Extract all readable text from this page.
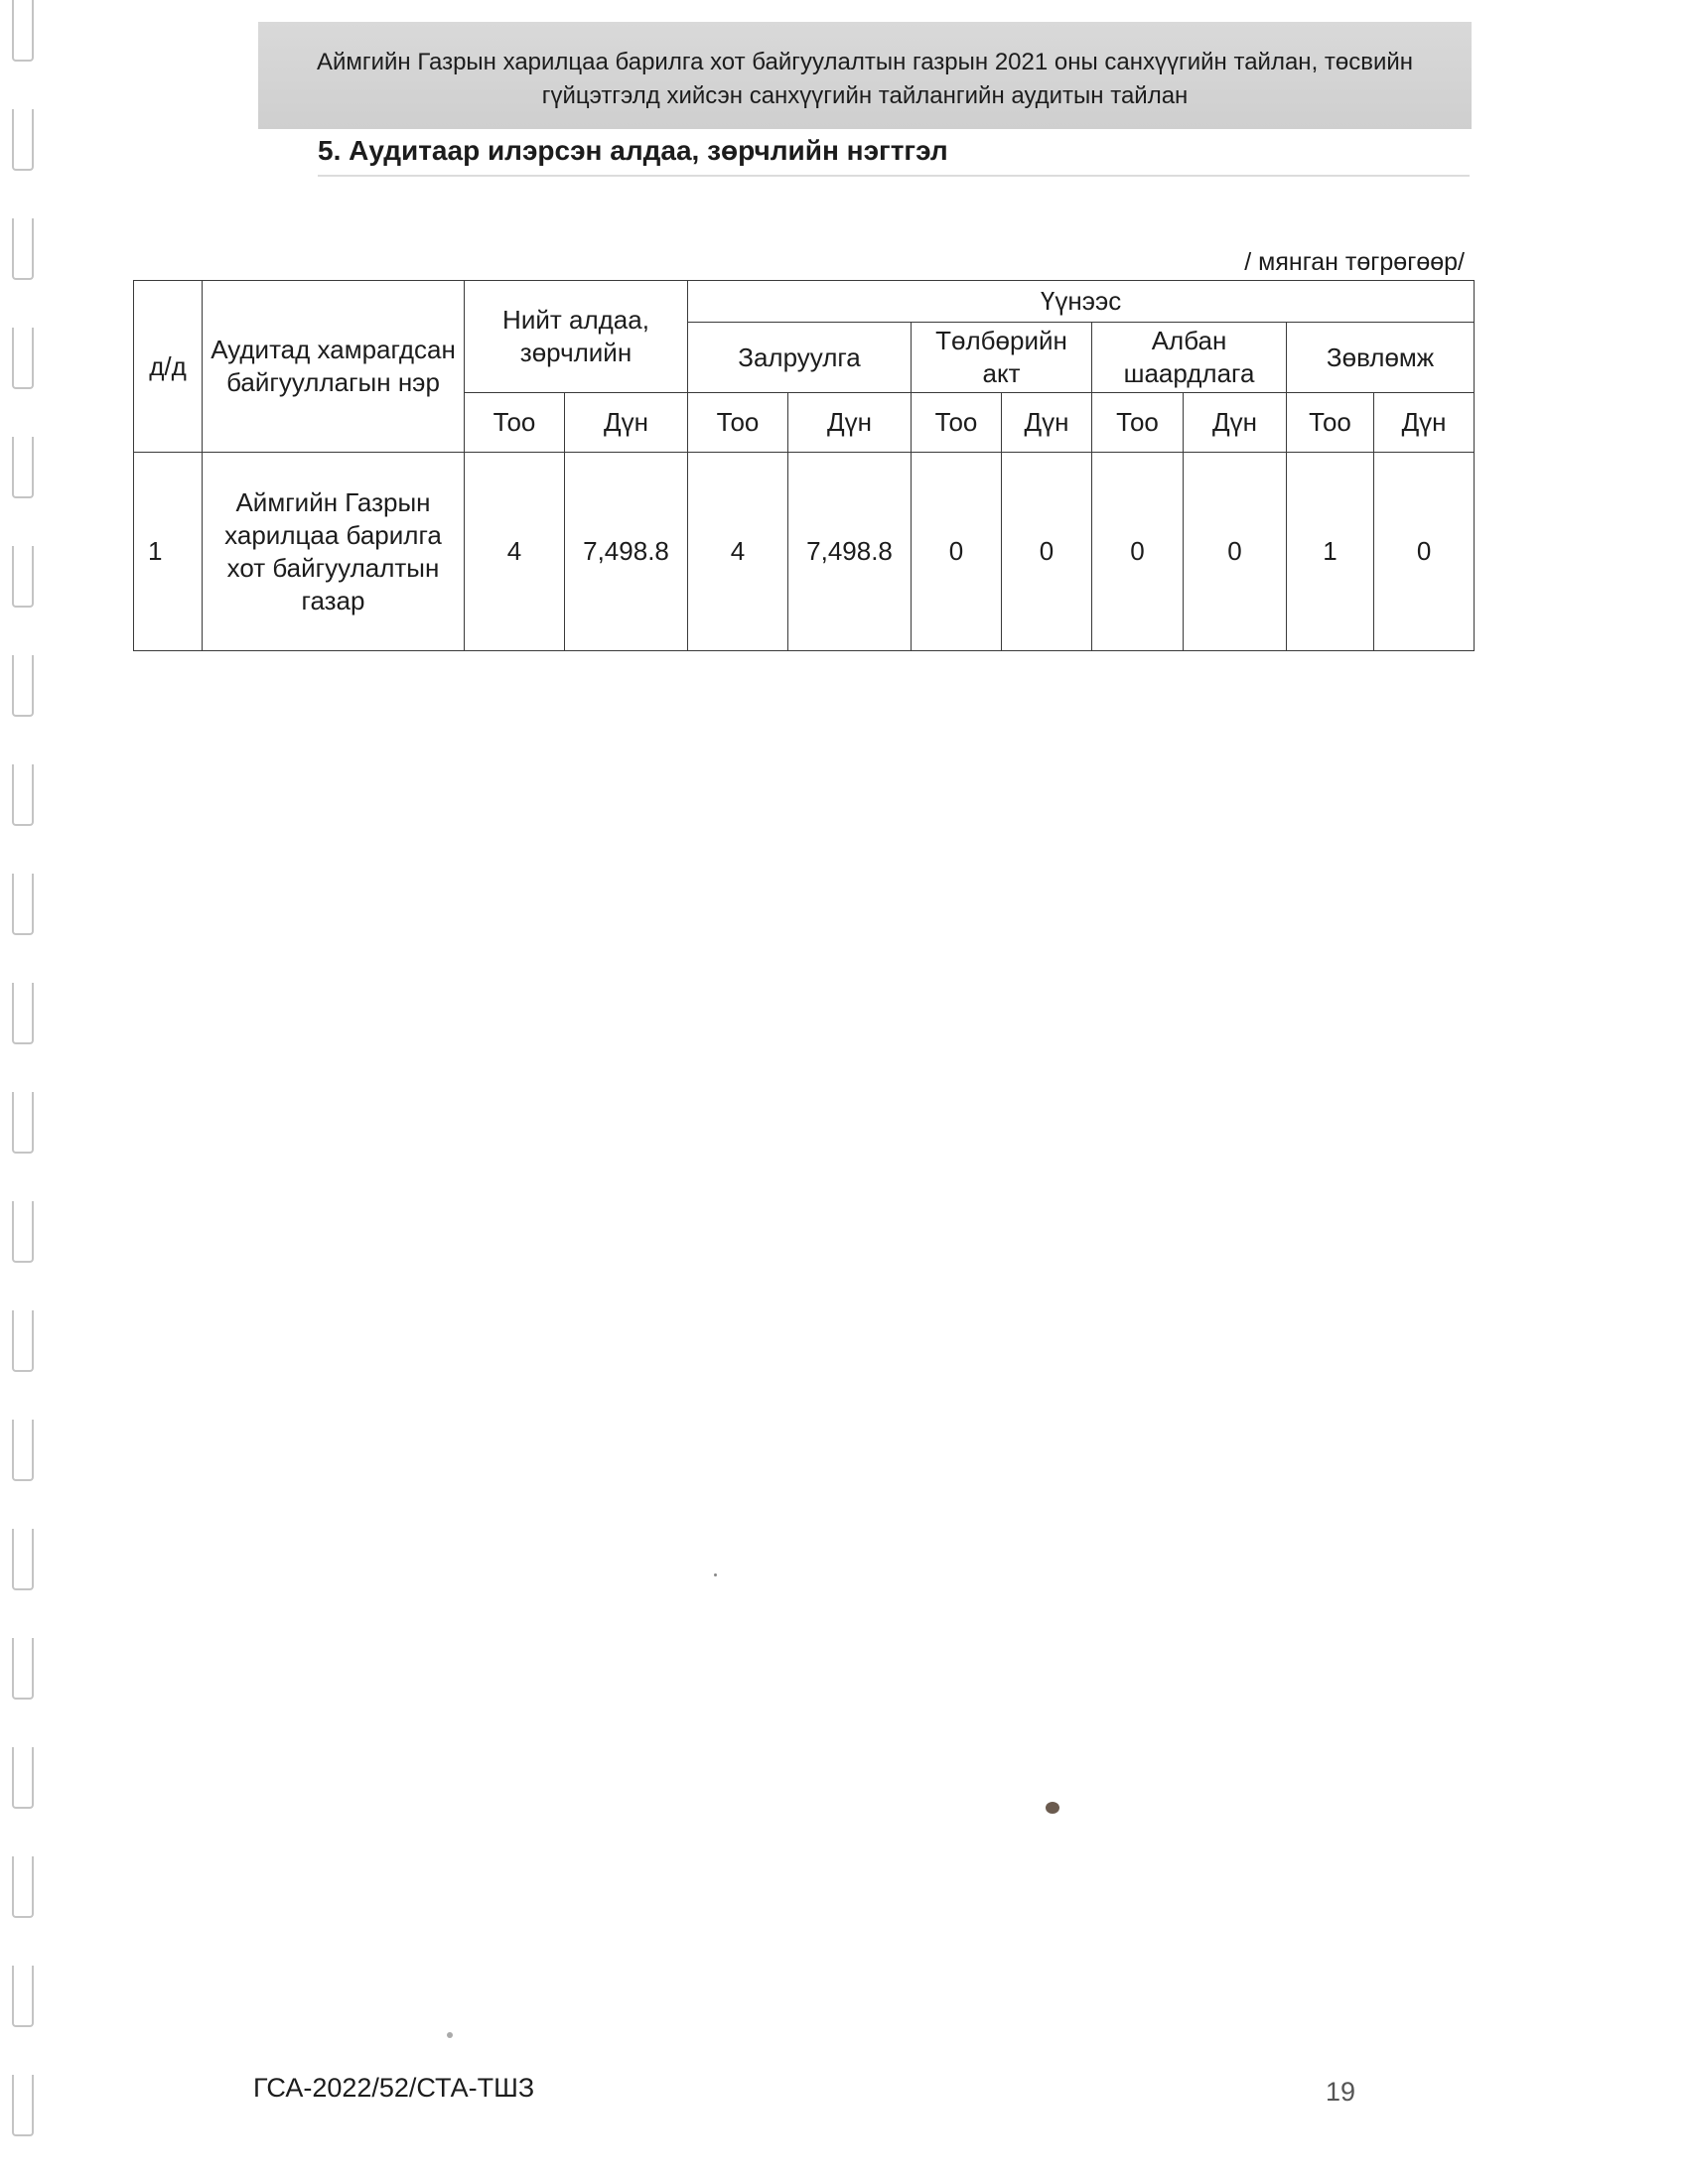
Аймгийн Газрын харилцаа барилга хот байгуулалтын газрын 2021 оны санхүүгийн тайлан, төсвийн
гүйцэтгэлд хийсэн санхүүгийн тайлангийн аудитын тайлан
5. Аудитаар илэрсэн алдаа, зөрчлийн нэгтгэл
/ мянган төгрөгөөр/
д/д	Аудитад хамрагдсан байгууллагын нэр	Нийт алдаа, зөрчлийн		Үүнээс							
				Залруулга		Төлбөрийн акт		Албан шаардлага		Зөвлөмж	
		Тоо	Дүн	Тоо	Дүн	Тоо	Дүн	Тоо	Дүн	Тоо	Дүн
1	Аймгийн Газрын харилцаа барилга хот байгуулалтын газар	4	7,498.8	4	7,498.8	0	0	0	0	1	0
ГСА-2022/52/СТА-ТШЗ	19
